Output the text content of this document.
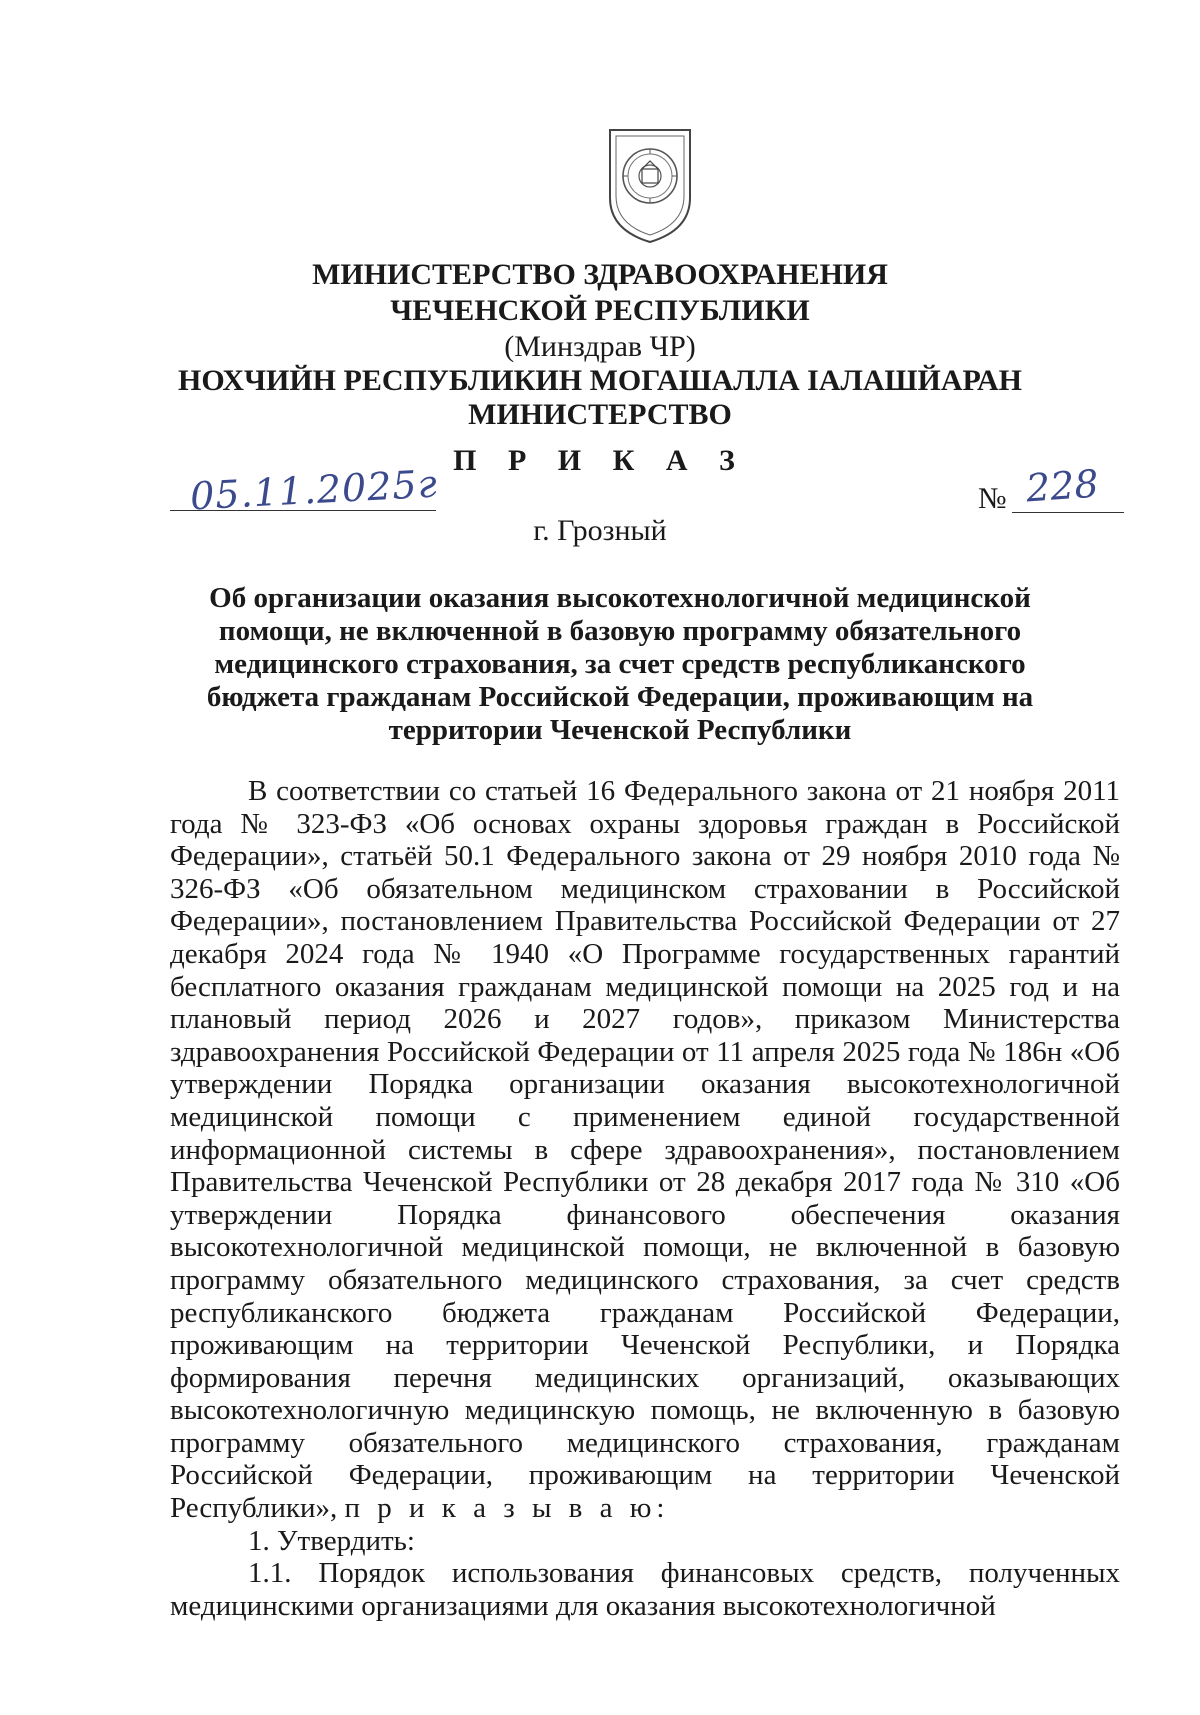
МИНИСТЕРСТВО ЗДРАВООХРАНЕНИЯ
ЧЕЧЕНСКОЙ РЕСПУБЛИКИ
(Минздрав ЧР)
НОХЧИЙН РЕСПУБЛИКИН МОГАШАЛЛА ІАЛАШЙАРАН
МИНИСТЕРСТВО
П Р И К А З
05.11.2025г	№ 228
г. Грозный
Об организации оказания высокотехнологичной медицинской помощи, не включенной в базовую программу обязательного медицинского страхования, за счет средств республиканского бюджета гражданам Российской Федерации, проживающим на территории Чеченской Республики

В соответствии со статьей 16 Федерального закона от 21 ноября 2011 года № 323-ФЗ «Об основах охраны здоровья граждан в Российской Федерации», статьёй 50.1 Федерального закона от 29 ноября 2010 года № 326-ФЗ «Об обязательном медицинском страховании в Российской Федерации», постановлением Правительства Российской Федерации от 27 декабря 2024 года № 1940 «О Программе государственных гарантий бесплатного оказания гражданам медицинской помощи на 2025 год и на плановый период 2026 и 2027 годов», приказом Министерства здравоохранения Российской Федерации от 11 апреля 2025 года № 186н «Об утверждении Порядка организации оказания высокотехнологичной медицинской помощи с применением единой государственной информационной системы в сфере здравоохранения», постановлением Правительства Чеченской Республики от 28 декабря 2017 года № 310 «Об утверждении Порядка финансового обеспечения оказания высокотехнологичной медицинской помощи, не включенной в базовую программу обязательного медицинского страхования, за счет средств республиканского бюджета гражданам Российской Федерации, проживающим на территории Чеченской Республики, и Порядка формирования перечня медицинских организаций, оказывающих высокотехнологичную медицинскую помощь, не включенную в базовую программу обязательного медицинского страхования, гражданам Российской Федерации, проживающим на территории Чеченской Республики», п р и к а з ы в а ю:

1. Утвердить:

1.1. Порядок использования финансовых средств, полученных медицинскими организациями для оказания высокотехнологичной
